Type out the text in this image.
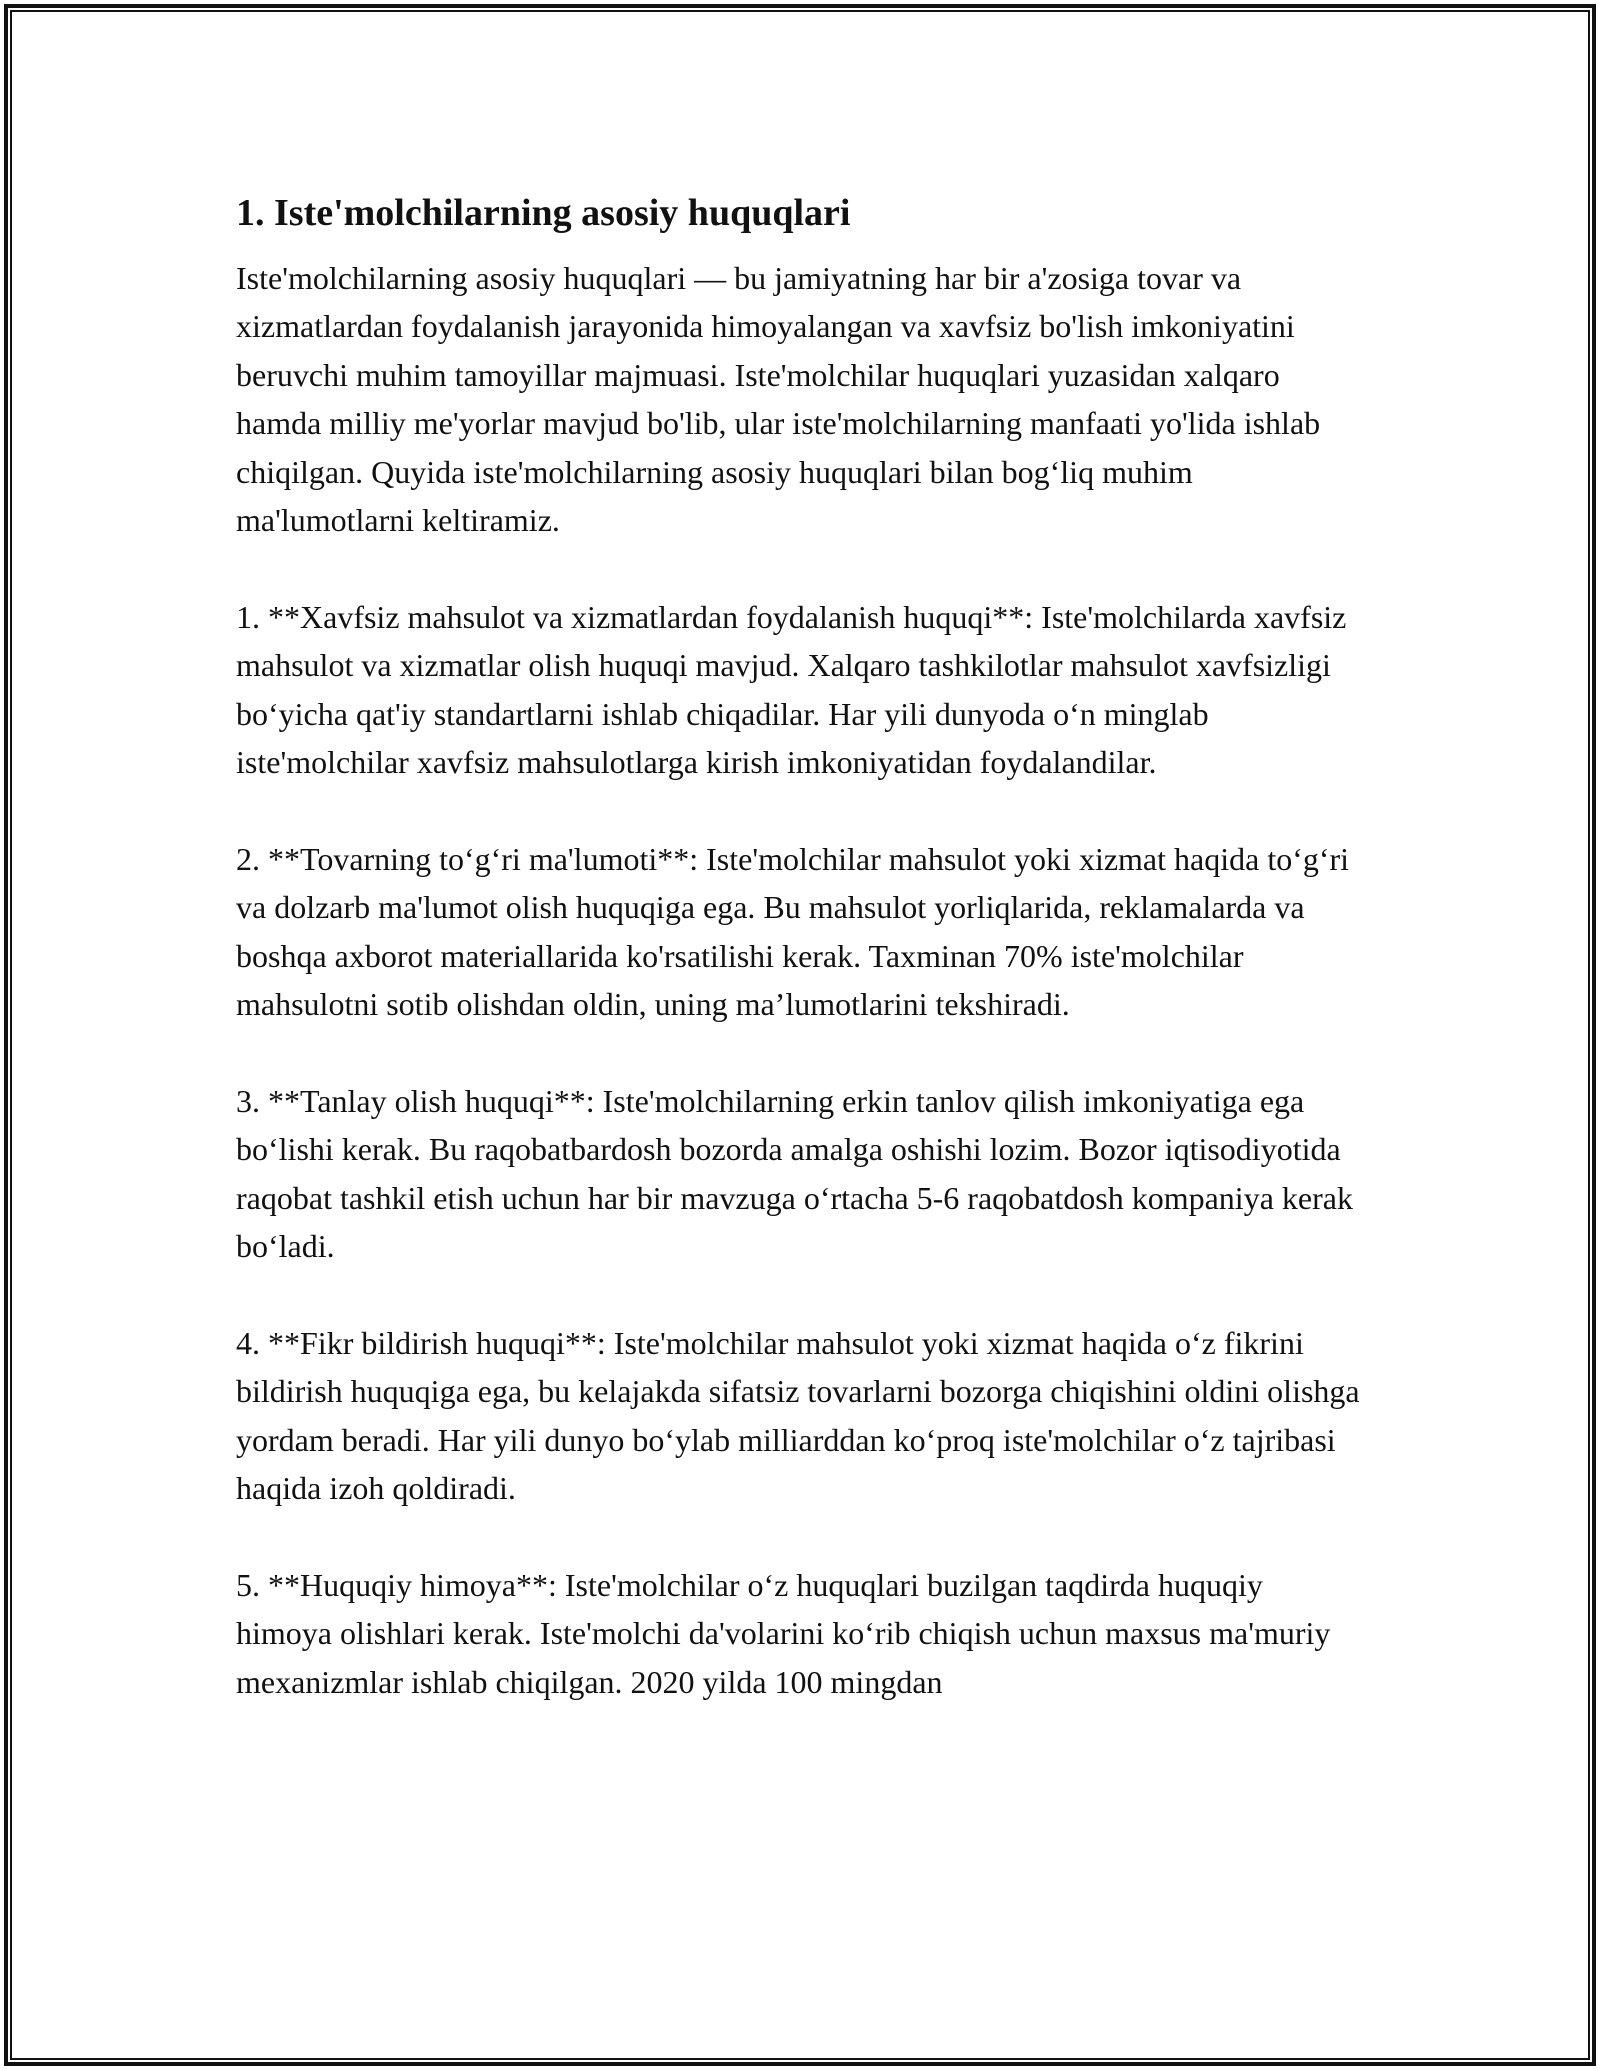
1. Iste'molchilarning asosiy huquqlari

Iste'molchilarning asosiy huquqlari — bu jamiyatning har bir a'zosiga tovar va xizmatlardan foydalanish jarayonida himoyalangan va xavfsiz bo'lish imkoniyatini beruvchi muhim tamoyillar majmuasi. Iste'molchilar huquqlari yuzasidan xalqaro hamda milliy me'yorlar mavjud bo'lib, ular iste'molchilarning manfaati yo'lida ishlab chiqilgan. Quyida iste'molchilarning asosiy huquqlari bilan bog‘liq muhim ma'lumotlarni keltiramiz.

1. **Xavfsiz mahsulot va xizmatlardan foydalanish huquqi**: Iste'molchilarda xavfsiz mahsulot va xizmatlar olish huquqi mavjud. Xalqaro tashkilotlar mahsulot xavfsizligi bo‘yicha qat'iy standartlarni ishlab chiqadilar. Har yili dunyoda o‘n minglab iste'molchilar xavfsiz mahsulotlarga kirish imkoniyatidan foydalandilar.

2. **Tovarning to‘g‘ri ma'lumoti**: Iste'molchilar mahsulot yoki xizmat haqida to‘g‘ri va dolzarb ma'lumot olish huquqiga ega. Bu mahsulot yorliqlarida, reklamalarda va boshqa axborot materiallarida ko'rsatilishi kerak. Taxminan 70% iste'molchilar mahsulotni sotib olishdan oldin, uning ma’lumotlarini tekshiradi.

3. **Tanlay olish huquqi**: Iste'molchilarning erkin tanlov qilish imkoniyatiga ega bo‘lishi kerak. Bu raqobatbardosh bozorda amalga oshishi lozim. Bozor iqtisodiyotida raqobat tashkil etish uchun har bir mavzuga o‘rtacha 5-6 raqobatdosh kompaniya kerak bo‘ladi.

4. **Fikr bildirish huquqi**: Iste'molchilar mahsulot yoki xizmat haqida o‘z fikrini bildirish huquqiga ega, bu kelajakda sifatsiz tovarlarni bozorga chiqishini oldini olishga yordam beradi. Har yili dunyo bo‘ylab milliarddan ko‘proq iste'molchilar o‘z tajribasi haqida izoh qoldiradi.

5. **Huquqiy himoya**: Iste'molchilar o‘z huquqlari buzilgan taqdirda huquqiy himoya olishlari kerak. Iste'molchi da'volarini ko‘rib chiqish uchun maxsus ma'muriy mexanizmlar ishlab chiqilgan. 2020 yilda 100 mingdan
